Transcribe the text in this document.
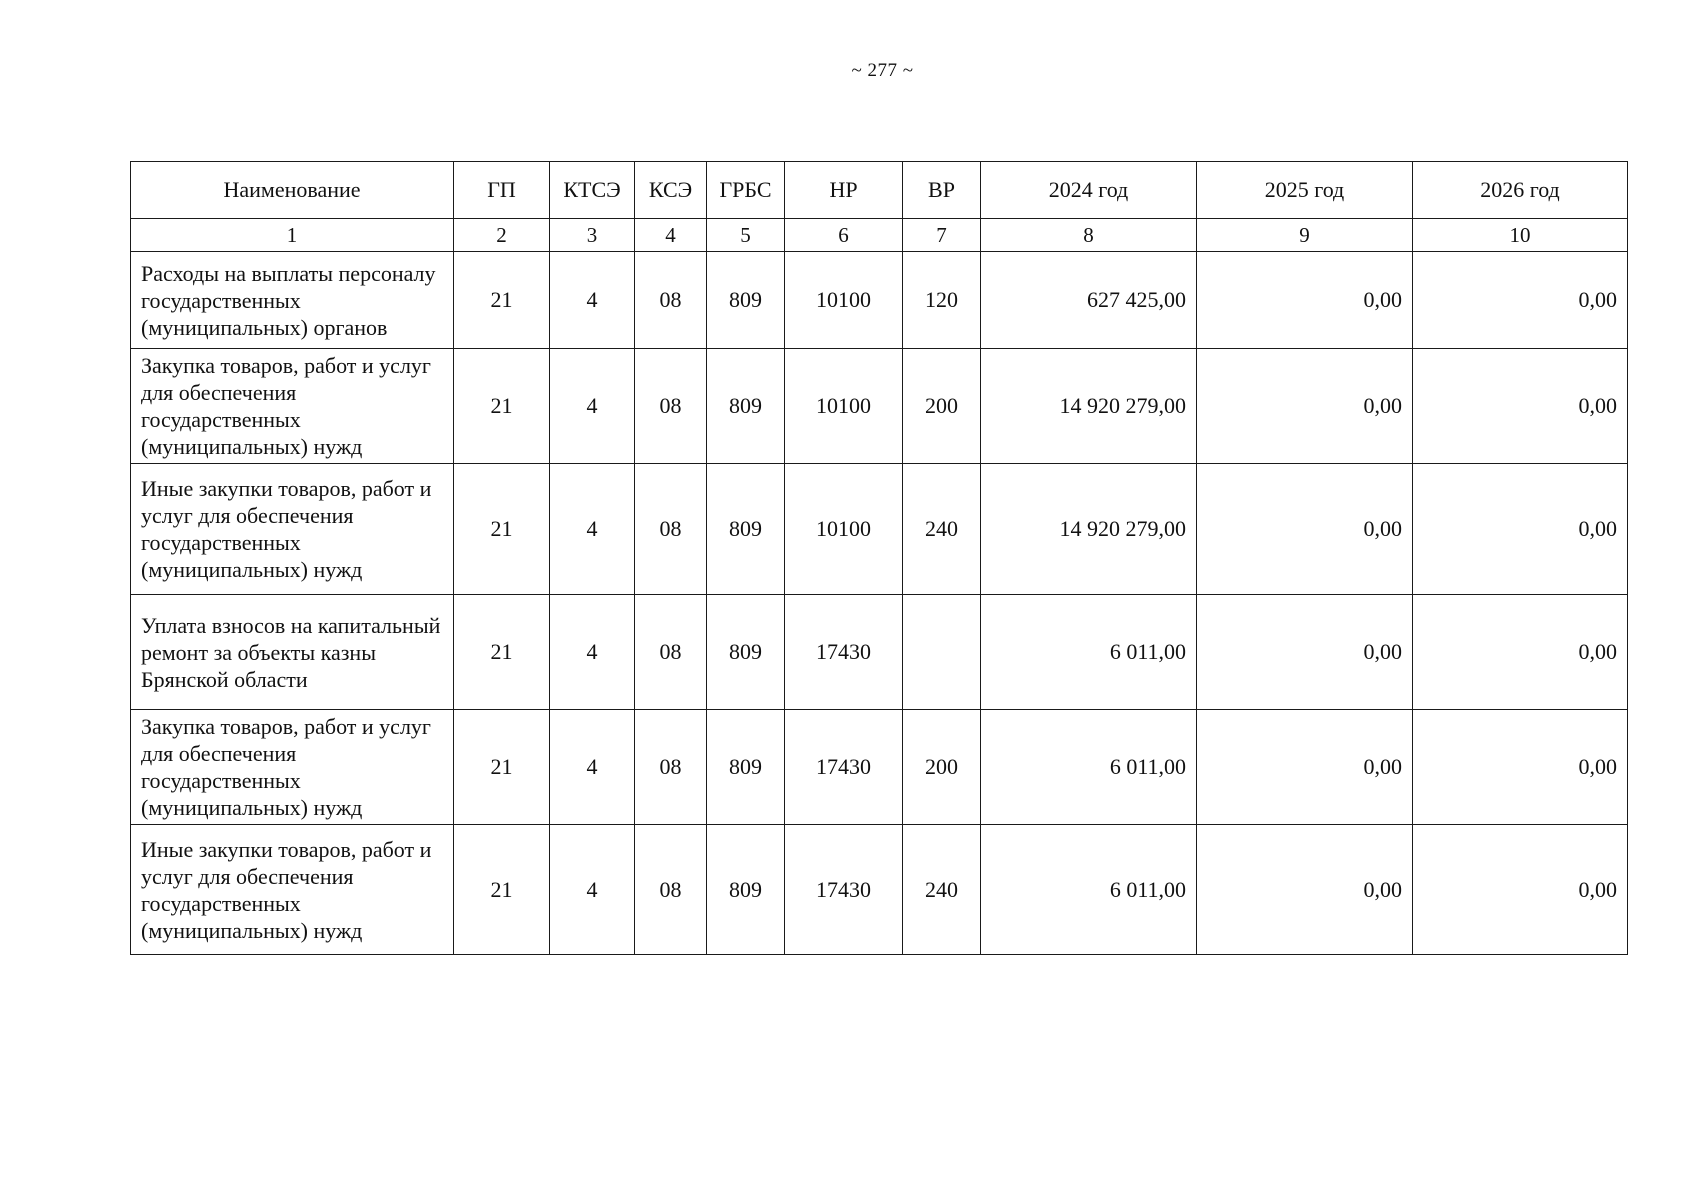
~ 277 ~
Наименование	ГП	КТСЭ	КСЭ	ГРБС	НР	ВР	2024 год	2025 год	2026 год
1	2	3	4	5	6	7	8	9	10
Расходы на выплаты персоналу государственных (муниципальных) органов	21	4	08	809	10100	120	627 425,00	0,00	0,00
Закупка товаров, работ и услуг для обеспечения государственных (муниципальных) нужд	21	4	08	809	10100	200	14 920 279,00	0,00	0,00
Иные закупки товаров, работ и услуг для обеспечения государственных (муниципальных) нужд	21	4	08	809	10100	240	14 920 279,00	0,00	0,00
Уплата взносов на капитальный ремонт за объекты казны Брянской области	21	4	08	809	17430		6 011,00	0,00	0,00
Закупка товаров, работ и услуг для обеспечения государственных (муниципальных) нужд	21	4	08	809	17430	200	6 011,00	0,00	0,00
Иные закупки товаров, работ и услуг для обеспечения государственных (муниципальных) нужд	21	4	08	809	17430	240	6 011,00	0,00	0,00
